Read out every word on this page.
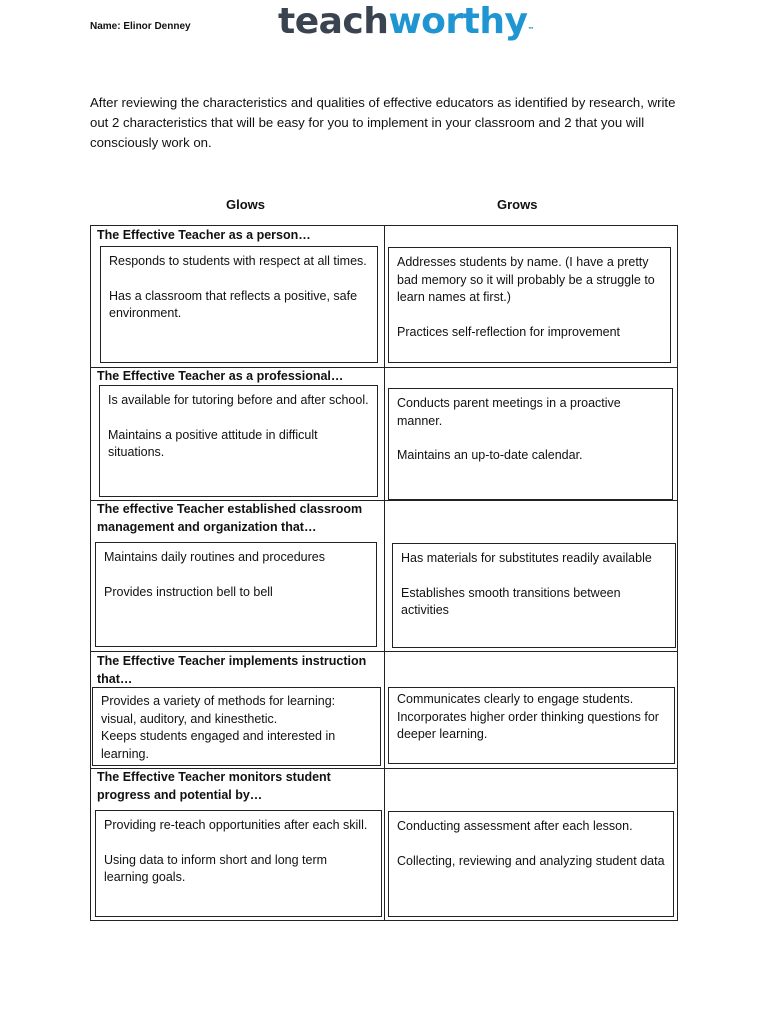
Name: Elinor Denney teachworthy™
After reviewing the characteristics and qualities of effective educators as identified by research, write out 2 characteristics that will be easy for you to implement in your classroom and 2 that you will consciously work on.
Glows	Grows
The Effective Teacher as a person…

Responds to students with respect at all times.

Has a classroom that reflects a positive, safe environment.

Addresses students by name. (I have a pretty bad memory so it will probably be a struggle to learn names at first.)

Practices self-reflection for improvement

The Effective Teacher as a professional…

Is available for tutoring before and after school.

Maintains a positive attitude in difficult situations.

Conducts parent meetings in a proactive manner.

Maintains an up-to-date calendar.

The effective Teacher established classroom management and organization that…

Maintains daily routines and procedures

Provides instruction bell to bell

Has materials for substitutes readily available

Establishes smooth transitions between activities

The Effective Teacher implements instruction that…

Provides a variety of methods for learning: visual, auditory, and kinesthetic.

Keeps students engaged and interested in learning.

Communicates clearly to engage students.

Incorporates higher order thinking questions for deeper learning.

The Effective Teacher monitors student progress and potential by…

Providing re-teach opportunities after each skill.

Using data to inform short and long term learning goals.

Conducting assessment after each lesson.

Collecting, reviewing and analyzing student data
